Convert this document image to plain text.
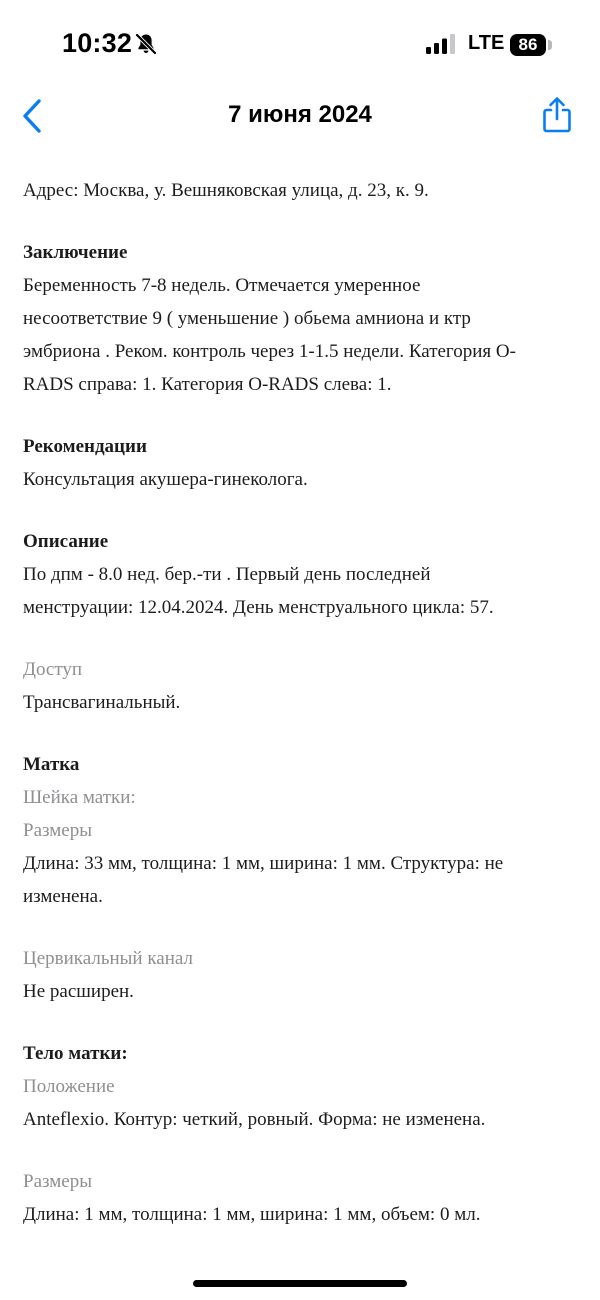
10:32	LTE 86
7 июня 2024
Адрес: Москва, у. Вешняковская улица, д. 23, к. 9.
Заключение
Беременность 7-8 недель. Отмечается умеренное
несоответствие 9 ( уменьшение ) обьема амниона и ктр
эмбриона . Реком. контроль через 1-1.5 недели. Категория O-
RADS справа: 1. Категория O-RADS слева: 1.
Рекомендации
Консультация акушера-гинеколога.
Описание
По дпм - 8.0 нед. бер.-ти . Первый день последней
менструации: 12.04.2024. День менструального цикла: 57.
Доступ
Трансвагинальный.
Матка
Шейка матки:
Размеры
Длина: 33 мм, толщина: 1 мм, ширина: 1 мм. Структура: не
изменена.
Цервикальный канал
Не расширен.
Тело матки:
Положение
Anteflexio. Контур: четкий, ровный. Форма: не изменена.
Размеры
Длина: 1 мм, толщина: 1 мм, ширина: 1 мм, объем: 0 мл.
